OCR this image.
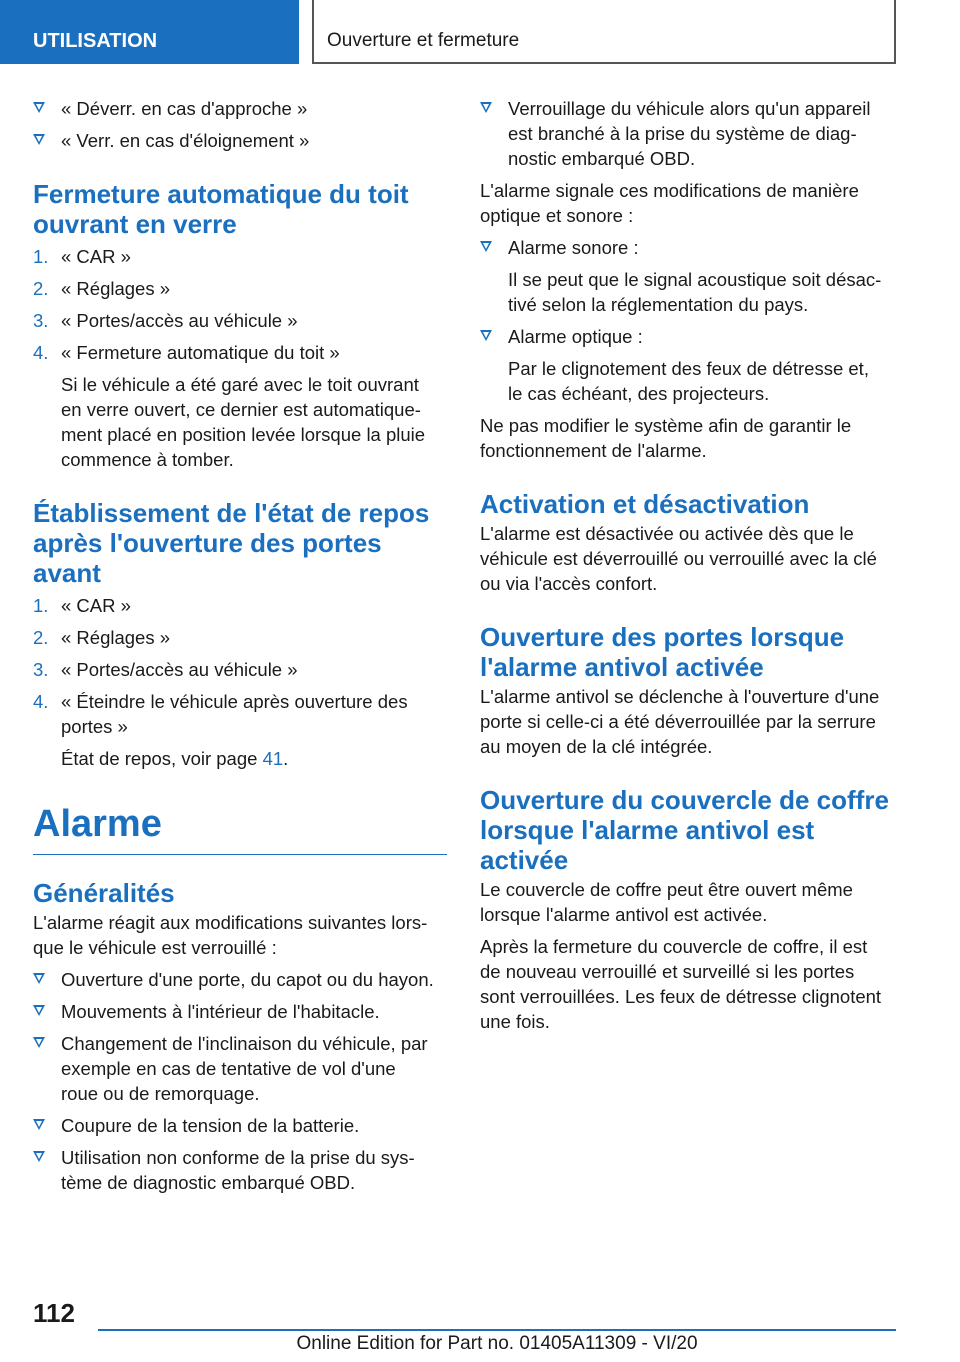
UTILISATION	Ouverture et fermeture
« Déverr. en cas d'approche »
« Verr. en cas d'éloignement »
Fermeture automatique du toit
ouvrant en verre
1. « CAR »
2. « Réglages »
3. « Portes/accès au véhicule »
4. « Fermeture automatique du toit »
Si le véhicule a été garé avec le toit ouvrant
en verre ouvert, ce dernier est automatique-
ment placé en position levée lorsque la pluie
commence à tomber.
Établissement de l'état de repos
après l'ouverture des portes
avant
1. « CAR »
2. « Réglages »
3. « Portes/accès au véhicule »
4. « Éteindre le véhicule après ouverture des
portes »
État de repos, voir page 41.
Alarme
Généralités
L'alarme réagit aux modifications suivantes lors-
que le véhicule est verrouillé :
Ouverture d'une porte, du capot ou du hayon.
Mouvements à l'intérieur de l'habitacle.
Changement de l'inclinaison du véhicule, par
exemple en cas de tentative de vol d'une
roue ou de remorquage.
Coupure de la tension de la batterie.
Utilisation non conforme de la prise du sys-
tème de diagnostic embarqué OBD.
Verrouillage du véhicule alors qu'un appareil
est branché à la prise du système de diag-
nostic embarqué OBD.
L'alarme signale ces modifications de manière
optique et sonore :
Alarme sonore :
Il se peut que le signal acoustique soit désac-
tivé selon la réglementation du pays.
Alarme optique :
Par le clignotement des feux de détresse et,
le cas échéant, des projecteurs.
Ne pas modifier le système afin de garantir le
fonctionnement de l'alarme.
Activation et désactivation
L'alarme est désactivée ou activée dès que le
véhicule est déverrouillé ou verrouillé avec la clé
ou via l'accès confort.
Ouverture des portes lorsque
l'alarme antivol activée
L'alarme antivol se déclenche à l'ouverture d'une
porte si celle-ci a été déverrouillée par la serrure
au moyen de la clé intégrée.
Ouverture du couvercle de coffre
lorsque l'alarme antivol est
activée
Le couvercle de coffre peut être ouvert même
lorsque l'alarme antivol est activée.
Après la fermeture du couvercle de coffre, il est
de nouveau verrouillé et surveillé si les portes
sont verrouillées. Les feux de détresse clignotent
une fois.
112
Online Edition for Part no. 01405A11309 - VI/20
